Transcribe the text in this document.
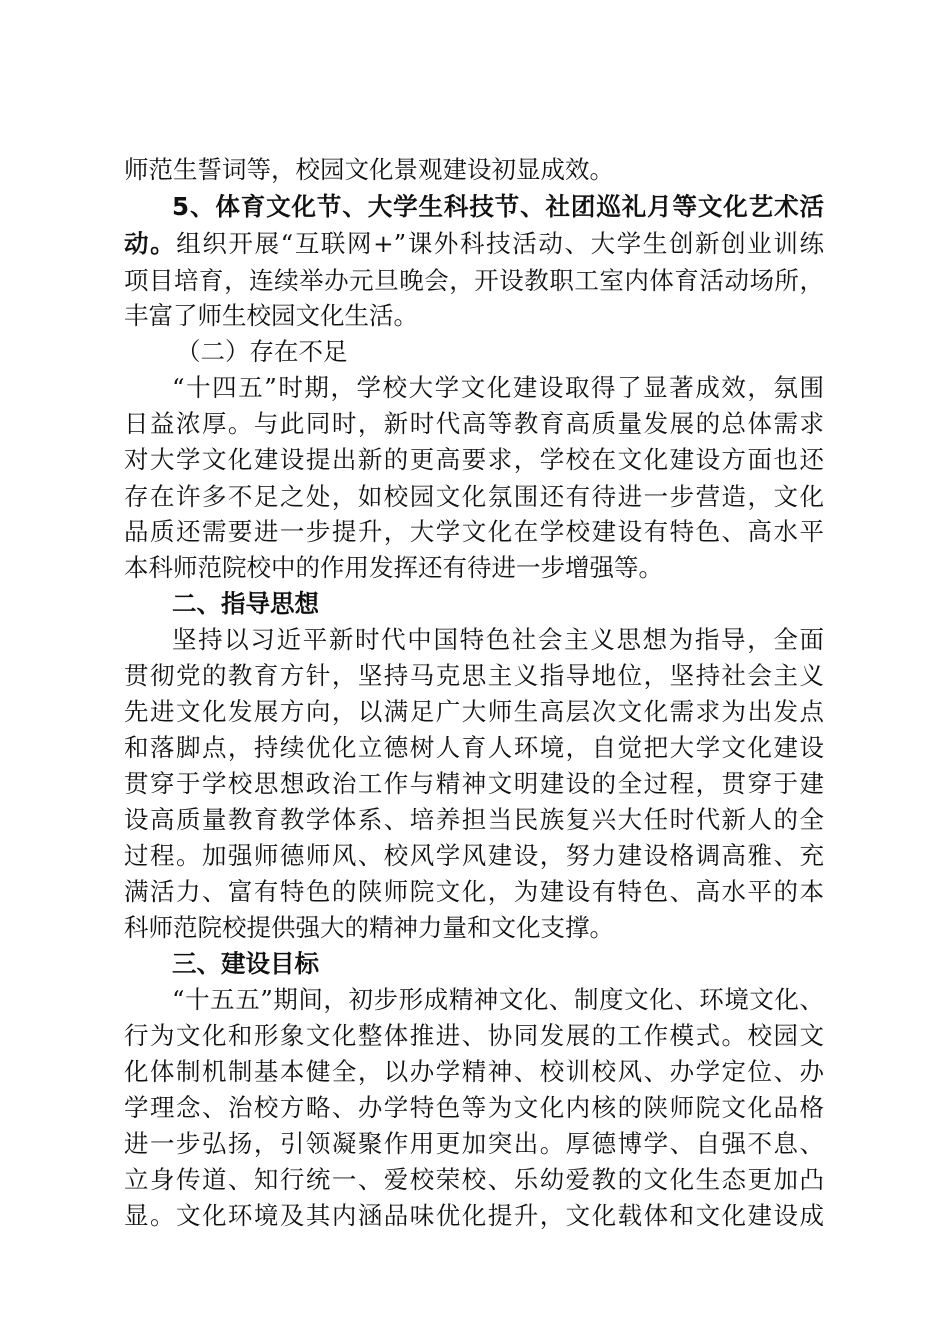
师范生誓词等，校园文化景观建设初显成效。
5、体育文化节、大学生科技节、社团巡礼月等文化艺术活
动。组织开展“互联网+”课外科技活动、大学生创新创业训练
项目培育，连续举办元旦晚会，开设教职工室内体育活动场所，
丰富了师生校园文化生活。
（二）存在不足
“十四五”时期，学校大学文化建设取得了显著成效，氛围
日益浓厚。与此同时，新时代高等教育高质量发展的总体需求
对大学文化建设提出新的更高要求，学校在文化建设方面也还
存在许多不足之处，如校园文化氛围还有待进一步营造，文化
品质还需要进一步提升，大学文化在学校建设有特色、高水平
本科师范院校中的作用发挥还有待进一步增强等。
二、指导思想
坚持以习近平新时代中国特色社会主义思想为指导，全面
贯彻党的教育方针，坚持马克思主义指导地位，坚持社会主义
先进文化发展方向，以满足广大师生高层次文化需求为出发点
和落脚点，持续优化立德树人育人环境，自觉把大学文化建设
贯穿于学校思想政治工作与精神文明建设的全过程，贯穿于建
设高质量教育教学体系、培养担当民族复兴大任时代新人的全
过程。加强师德师风、校风学风建设，努力建设格调高雅、充
满活力、富有特色的陕师院文化，为建设有特色、高水平的本
科师范院校提供强大的精神力量和文化支撑。
三、建设目标
“十五五”期间，初步形成精神文化、制度文化、环境文化、
行为文化和形象文化整体推进、协同发展的工作模式。校园文
化体制机制基本健全，以办学精神、校训校风、办学定位、办
学理念、治校方略、办学特色等为文化内核的陕师院文化品格
进一步弘扬，引领凝聚作用更加突出。厚德博学、自强不息、
立身传道、知行统一、爱校荣校、乐幼爱教的文化生态更加凸
显。文化环境及其内涵品味优化提升，文化载体和文化建设成
